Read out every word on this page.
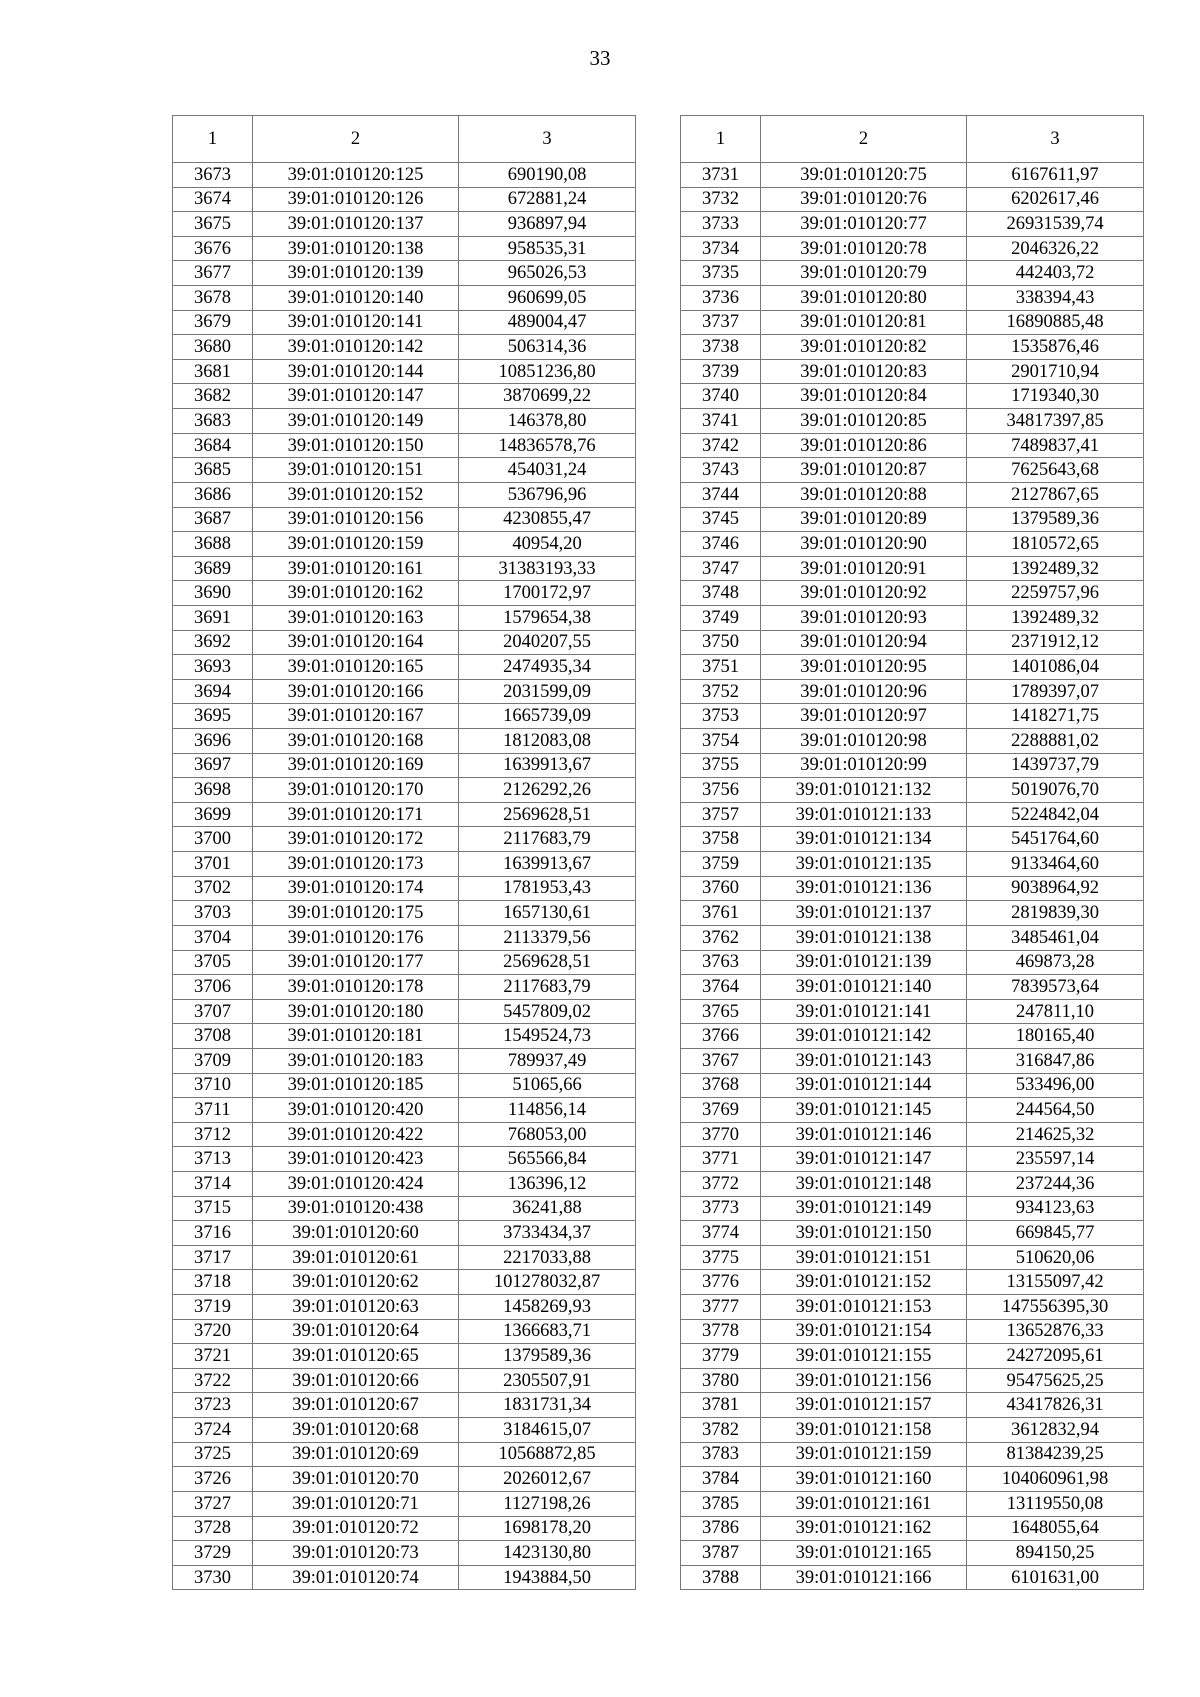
33
1	2	3
3673	39:01:010120:125	690190,08
3674	39:01:010120:126	672881,24
3675	39:01:010120:137	936897,94
3676	39:01:010120:138	958535,31
3677	39:01:010120:139	965026,53
3678	39:01:010120:140	960699,05
3679	39:01:010120:141	489004,47
3680	39:01:010120:142	506314,36
3681	39:01:010120:144	10851236,80
3682	39:01:010120:147	3870699,22
3683	39:01:010120:149	146378,80
3684	39:01:010120:150	14836578,76
3685	39:01:010120:151	454031,24
3686	39:01:010120:152	536796,96
3687	39:01:010120:156	4230855,47
3688	39:01:010120:159	40954,20
3689	39:01:010120:161	31383193,33
3690	39:01:010120:162	1700172,97
3691	39:01:010120:163	1579654,38
3692	39:01:010120:164	2040207,55
3693	39:01:010120:165	2474935,34
3694	39:01:010120:166	2031599,09
3695	39:01:010120:167	1665739,09
3696	39:01:010120:168	1812083,08
3697	39:01:010120:169	1639913,67
3698	39:01:010120:170	2126292,26
3699	39:01:010120:171	2569628,51
3700	39:01:010120:172	2117683,79
3701	39:01:010120:173	1639913,67
3702	39:01:010120:174	1781953,43
3703	39:01:010120:175	1657130,61
3704	39:01:010120:176	2113379,56
3705	39:01:010120:177	2569628,51
3706	39:01:010120:178	2117683,79
3707	39:01:010120:180	5457809,02
3708	39:01:010120:181	1549524,73
3709	39:01:010120:183	789937,49
3710	39:01:010120:185	51065,66
3711	39:01:010120:420	114856,14
3712	39:01:010120:422	768053,00
3713	39:01:010120:423	565566,84
3714	39:01:010120:424	136396,12
3715	39:01:010120:438	36241,88
3716	39:01:010120:60	3733434,37
3717	39:01:010120:61	2217033,88
3718	39:01:010120:62	101278032,87
3719	39:01:010120:63	1458269,93
3720	39:01:010120:64	1366683,71
3721	39:01:010120:65	1379589,36
3722	39:01:010120:66	2305507,91
3723	39:01:010120:67	1831731,34
3724	39:01:010120:68	3184615,07
3725	39:01:010120:69	10568872,85
3726	39:01:010120:70	2026012,67
3727	39:01:010120:71	1127198,26
3728	39:01:010120:72	1698178,20
3729	39:01:010120:73	1423130,80
3730	39:01:010120:74	1943884,50
1	2	3
3731	39:01:010120:75	6167611,97
3732	39:01:010120:76	6202617,46
3733	39:01:010120:77	26931539,74
3734	39:01:010120:78	2046326,22
3735	39:01:010120:79	442403,72
3736	39:01:010120:80	338394,43
3737	39:01:010120:81	16890885,48
3738	39:01:010120:82	1535876,46
3739	39:01:010120:83	2901710,94
3740	39:01:010120:84	1719340,30
3741	39:01:010120:85	34817397,85
3742	39:01:010120:86	7489837,41
3743	39:01:010120:87	7625643,68
3744	39:01:010120:88	2127867,65
3745	39:01:010120:89	1379589,36
3746	39:01:010120:90	1810572,65
3747	39:01:010120:91	1392489,32
3748	39:01:010120:92	2259757,96
3749	39:01:010120:93	1392489,32
3750	39:01:010120:94	2371912,12
3751	39:01:010120:95	1401086,04
3752	39:01:010120:96	1789397,07
3753	39:01:010120:97	1418271,75
3754	39:01:010120:98	2288881,02
3755	39:01:010120:99	1439737,79
3756	39:01:010121:132	5019076,70
3757	39:01:010121:133	5224842,04
3758	39:01:010121:134	5451764,60
3759	39:01:010121:135	9133464,60
3760	39:01:010121:136	9038964,92
3761	39:01:010121:137	2819839,30
3762	39:01:010121:138	3485461,04
3763	39:01:010121:139	469873,28
3764	39:01:010121:140	7839573,64
3765	39:01:010121:141	247811,10
3766	39:01:010121:142	180165,40
3767	39:01:010121:143	316847,86
3768	39:01:010121:144	533496,00
3769	39:01:010121:145	244564,50
3770	39:01:010121:146	214625,32
3771	39:01:010121:147	235597,14
3772	39:01:010121:148	237244,36
3773	39:01:010121:149	934123,63
3774	39:01:010121:150	669845,77
3775	39:01:010121:151	510620,06
3776	39:01:010121:152	13155097,42
3777	39:01:010121:153	147556395,30
3778	39:01:010121:154	13652876,33
3779	39:01:010121:155	24272095,61
3780	39:01:010121:156	95475625,25
3781	39:01:010121:157	43417826,31
3782	39:01:010121:158	3612832,94
3783	39:01:010121:159	81384239,25
3784	39:01:010121:160	104060961,98
3785	39:01:010121:161	13119550,08
3786	39:01:010121:162	1648055,64
3787	39:01:010121:165	894150,25
3788	39:01:010121:166	6101631,00
